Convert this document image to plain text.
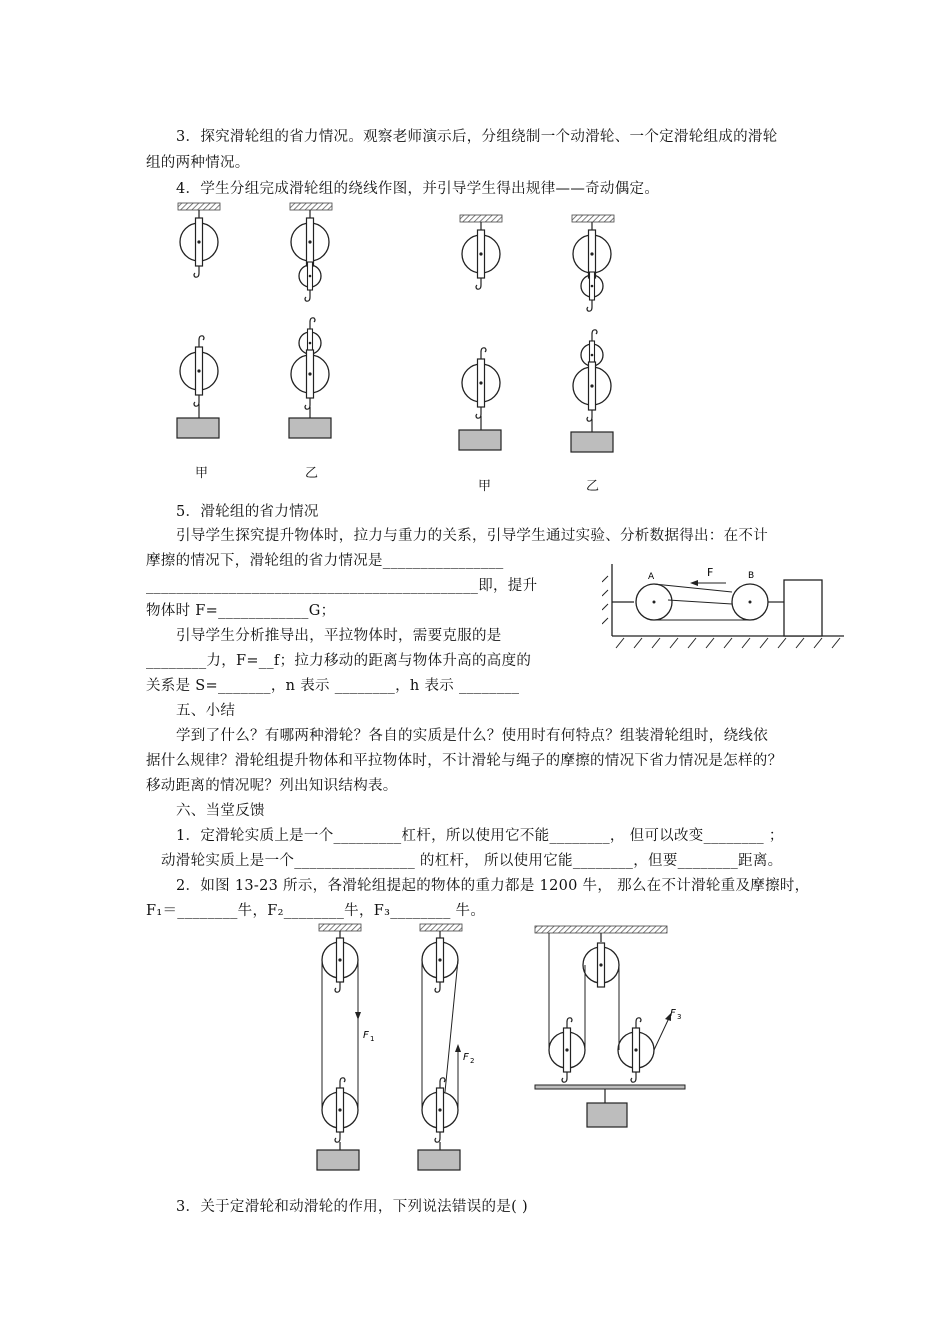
3．探究滑轮组的省力情况。观察老师演示后，分组绕制一个动滑轮、一个定滑轮组成的滑轮
组的两种情况。
4．学生分组完成滑轮组的绕线作图，并引导学生得出规律——奇动偶定。
甲	乙
甲	乙
5．滑轮组的省力情况
引导学生探究提升物体时，拉力与重力的关系，引导学生通过实验、分析数据得出：在不计
摩擦的情况下，滑轮组的省力情况是________________
____________________________________________即，提升
物体时 F=____________G；
引导学生分析推导出，平拉物体时，需要克服的是
________力，F=__f；拉力移动的距离与物体升高的高度的
关系是 S=_______，n 表示 ________，h 表示 ________
A	B
F
五、小结
学到了什么？有哪两种滑轮？各自的实质是什么？使用时有何特点？组装滑轮组时，绕线依
据什么规律？滑轮组提升物体和平拉物体时，不计滑轮与绳子的摩擦的情况下省力情况是怎样的？
移动距离的情况呢？列出知识结构表。
六、当堂反馈
1．定滑轮实质上是一个_________杠杆，所以使用它不能________， 但可以改变________ ；
动滑轮实质上是一个________________ 的杠杆， 所以使用它能________，但要________距离。
2．如图 13-23 所示，各滑轮组提起的物体的重力都是 1200 牛， 那么在不计滑轮重及摩擦时，
F₁＝________牛，F₂________牛，F₃________ 牛。
F 1
F 2
F 3
3．关于定滑轮和动滑轮的作用，下列说法错误的是( )
